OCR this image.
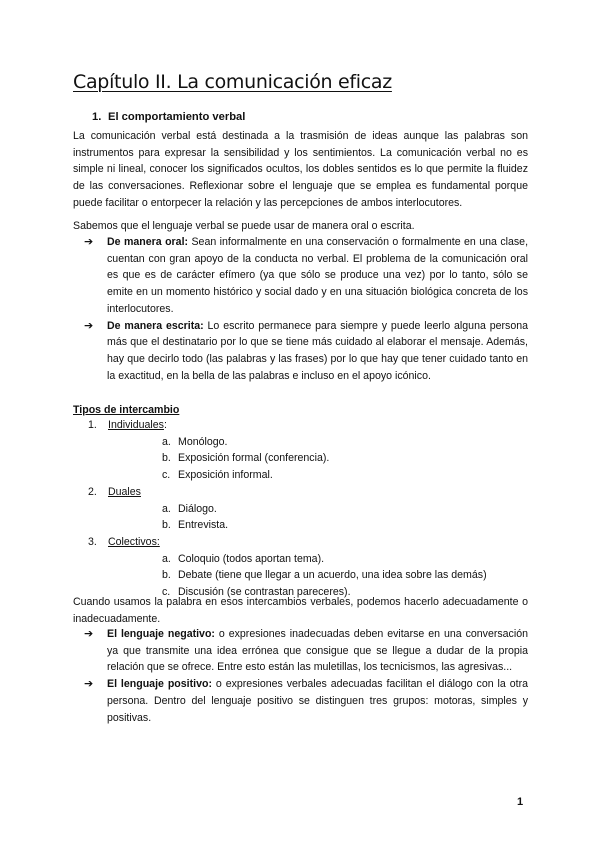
Capítulo II. La comunicación eficaz
1. El comportamiento verbal

La comunicación verbal está destinada a la trasmisión de ideas aunque las palabras son instrumentos para expresar la sensibilidad y los sentimientos. La comunicación verbal no es simple ni lineal, conocer los significados ocultos, los dobles sentidos es lo que permite la fluidez de las conversaciones. Reflexionar sobre el lenguaje que se emplea es fundamental porque puede facilitar o entorpecer la relación y las percepciones de ambos interlocutores.

Sabemos que el lenguaje verbal se puede usar de manera oral o escrita.

➔ De manera oral: Sean informalmente en una conservación o formalmente en una clase, cuentan con gran apoyo de la conducta no verbal. El problema de la comunicación oral es que es de carácter efímero (ya que sólo se produce una vez) por lo tanto, sólo se emite en un momento histórico y social dado y en una situación biológica concreta de los interlocutores.
➔ De manera escrita: Lo escrito permanece para siempre y puede leerlo alguna persona más que el destinatario por lo que se tiene más cuidado al elaborar el mensaje. Además, hay que decirlo todo (las palabras y las frases) por lo que hay que tener cuidado tanto en la exactitud, en la bella de las palabras e incluso en el apoyo icónico.
Tipos de intercambio
1. Individuales:
a. Monólogo.
b. Exposición formal (conferencia).
c. Exposición informal.
2. Duales
a. Diálogo.
b. Entrevista.
3. Colectivos:
a. Coloquio (todos aportan tema).
b. Debate (tiene que llegar a un acuerdo, una idea sobre las demás)
c. Discusión (se contrastan pareceres).

Cuando usamos la palabra en esos intercambios verbales, podemos hacerlo adecuadamente o inadecuadamente.

➔ El lenguaje negativo: o expresiones inadecuadas deben evitarse en una conversación ya que transmite una idea errónea que consigue que se llegue a dudar de la propia relación que se ofrece. Entre esto están las muletillas, los tecnicismos, las agresivas...
➔ El lenguaje positivo: o expresiones verbales adecuadas facilitan el diálogo con la otra persona. Dentro del lenguaje positivo se distinguen tres grupos: motoras, simples y positivas.
1
